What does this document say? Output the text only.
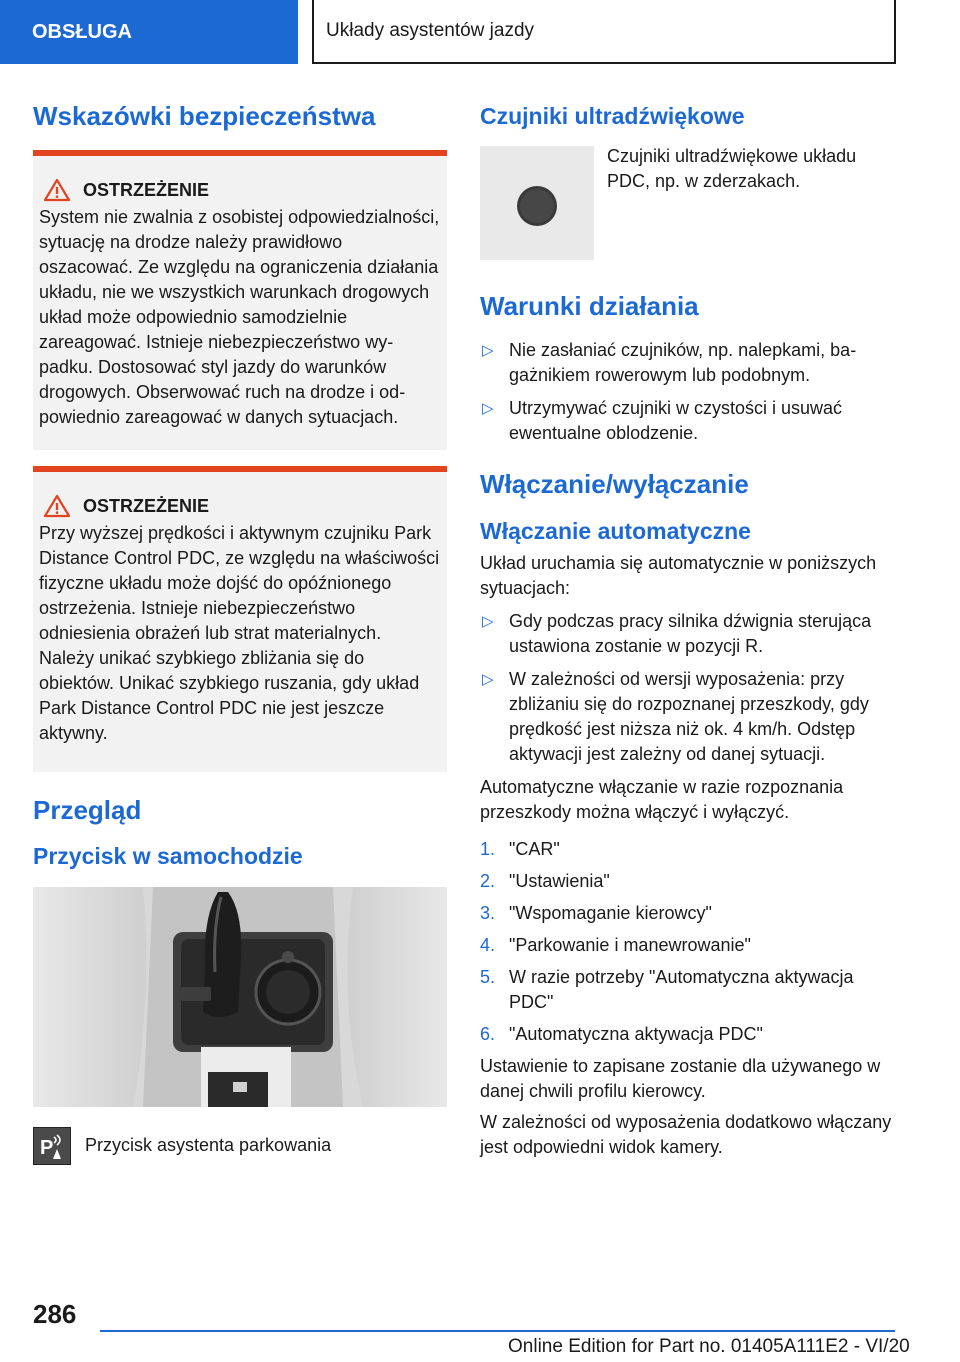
OBSŁUGA	Układy asystentów jazdy
Wskazówki bezpieczeństwa
OSTRZEŻENIE

System nie zwalnia z osobistej odpowiedzialności, sytuację na drodze należy prawidłowo oszacować. Ze względu na ograniczenia działania układu, nie we wszystkich warunkach drogowych układ może odpowiednio samodzielnie zareagować. Istnieje niebezpieczeństwo wypadku. Dostosować styl jazdy do warunków drogowych. Obserwować ruch na drodze i odpowiednio zareagować w danych sytuacjach.

OSTRZEŻENIE

Przy wyższej prędkości i aktywnym czujniku Park Distance Control PDC, ze względu na właściwości fizyczne układu może dojść do opóźnionego ostrzeżenia. Istnieje niebezpieczeństwo odniesienia obrażeń lub strat materialnych. Należy unikać szybkiego zbliżania się do obiektów. Unikać szybkiego ruszania, gdy układ Park Distance Control PDC nie jest jeszcze aktywny.

Przegląd
Przycisk w samochodzie
P Przycisk asystenta parkowania

Czujniki ultradźwiękowe

Czujniki ultradźwiękowe układu PDC, np. w zderzakach.

Warunki działania
▷ Nie zasłaniać czujników, np. nalepkami, bagażnikiem rowerowym lub podobnym.
▷ Utrzymywać czujniki w czystości i usuwać ewentualne oblodzenie.
Włączanie/wyłączanie
Włączanie automatyczne

Układ uruchamia się automatycznie w poniższych sytuacjach:

▷ Gdy podczas pracy silnika dźwignia sterująca ustawiona zostanie w pozycji R.
▷ W zależności od wersji wyposażenia: przy zbliżaniu się do rozpoznanej przeszkody, gdy prędkość jest niższa niż ok. 4 km/h. Odstęp aktywacji jest zależny od danej sytuacji.

Automatyczne włączanie w razie rozpoznania przeszkody można włączyć i wyłączyć.

1. "CAR"
2. "Ustawienia"
3. "Wspomaganie kierowcy"
4. "Parkowanie i manewrowanie"
5. W razie potrzeby "Automatyczna aktywacja PDC"
6. "Automatyczna aktywacja PDC"

Ustawienie to zapisane zostanie dla używanego w danej chwili profilu kierowcy.

W zależności od wyposażenia dodatkowo włączany jest odpowiedni widok kamery.

286
Online Edition for Part no. 01405A111E2 - VI/20
